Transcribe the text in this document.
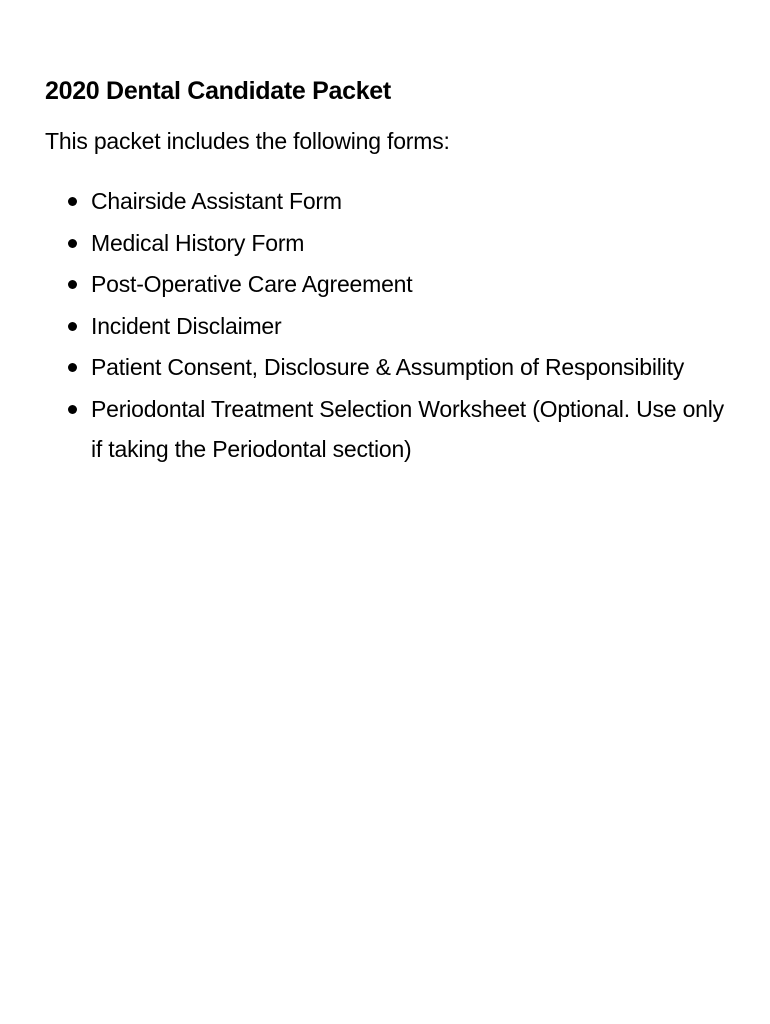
2020 Dental Candidate Packet

This packet includes the following forms:

Chairside Assistant Form
Medical History Form
Post-Operative Care Agreement
Incident Disclaimer
Patient Consent, Disclosure & Assumption of Responsibility
Periodontal Treatment Selection Worksheet (Optional. Use only if taking the Periodontal section)
